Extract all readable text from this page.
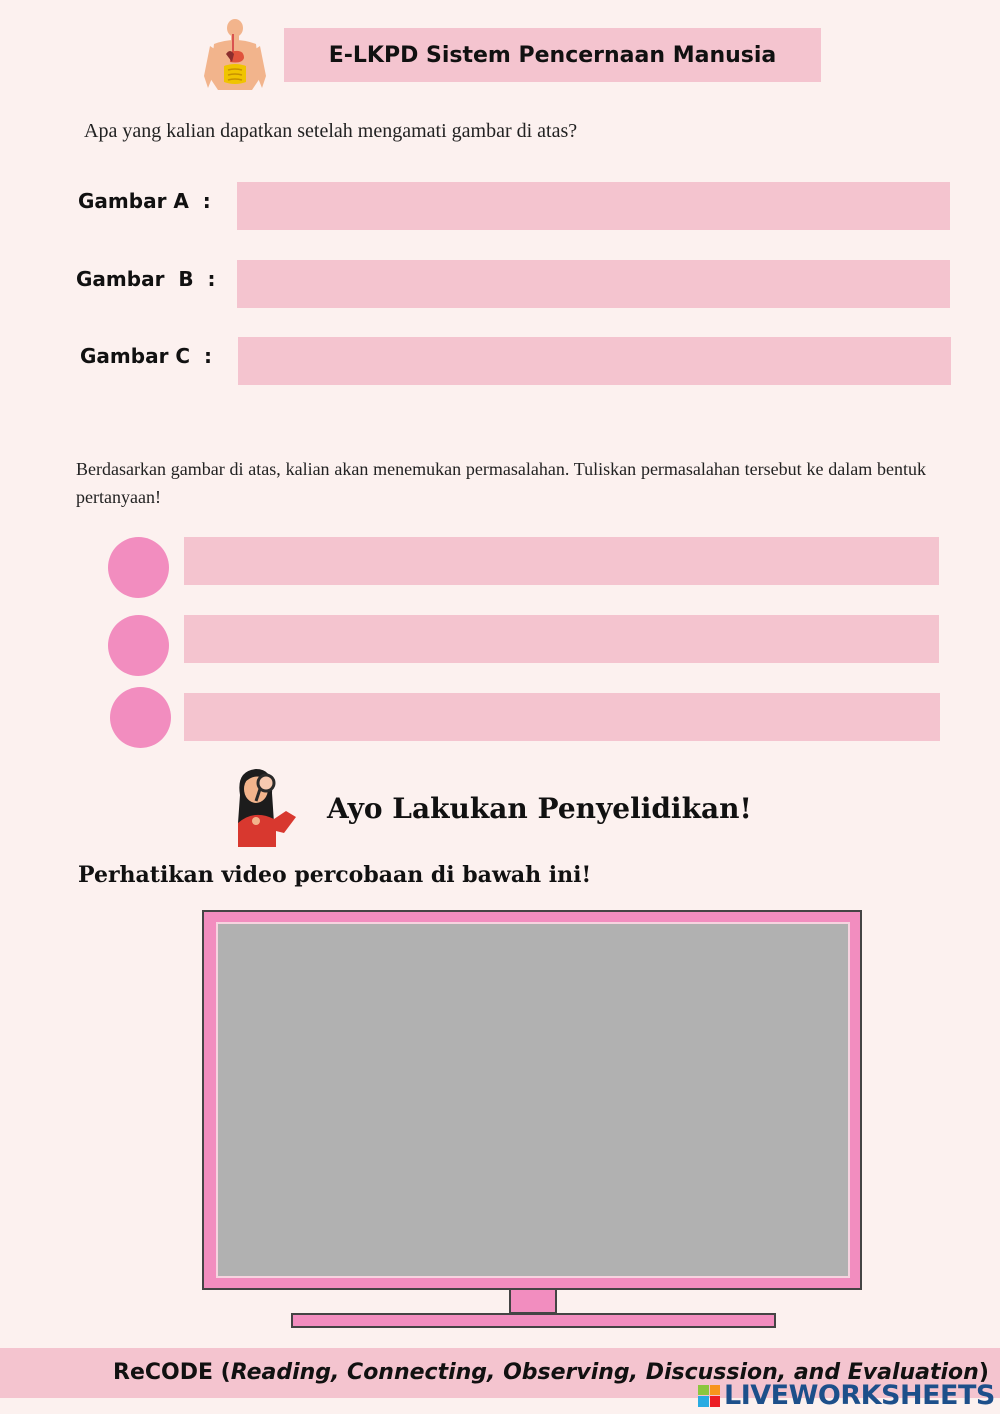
E-LKPD Sistem Pencernaan Manusia
Apa yang kalian dapatkan setelah mengamati gambar di atas?
Gambar A  :
Gambar  B  :
Gambar C  :
Berdasarkan gambar di atas, kalian akan menemukan permasalahan. Tuliskan permasalahan tersebut ke dalam bentuk pertanyaan!
Ayo Lakukan Penyelidikan!
Perhatikan video percobaan di bawah ini!
ReCODE (Reading, Connecting, Observing, Discussion, and Evaluation)
LIVEWORKSHEETS
